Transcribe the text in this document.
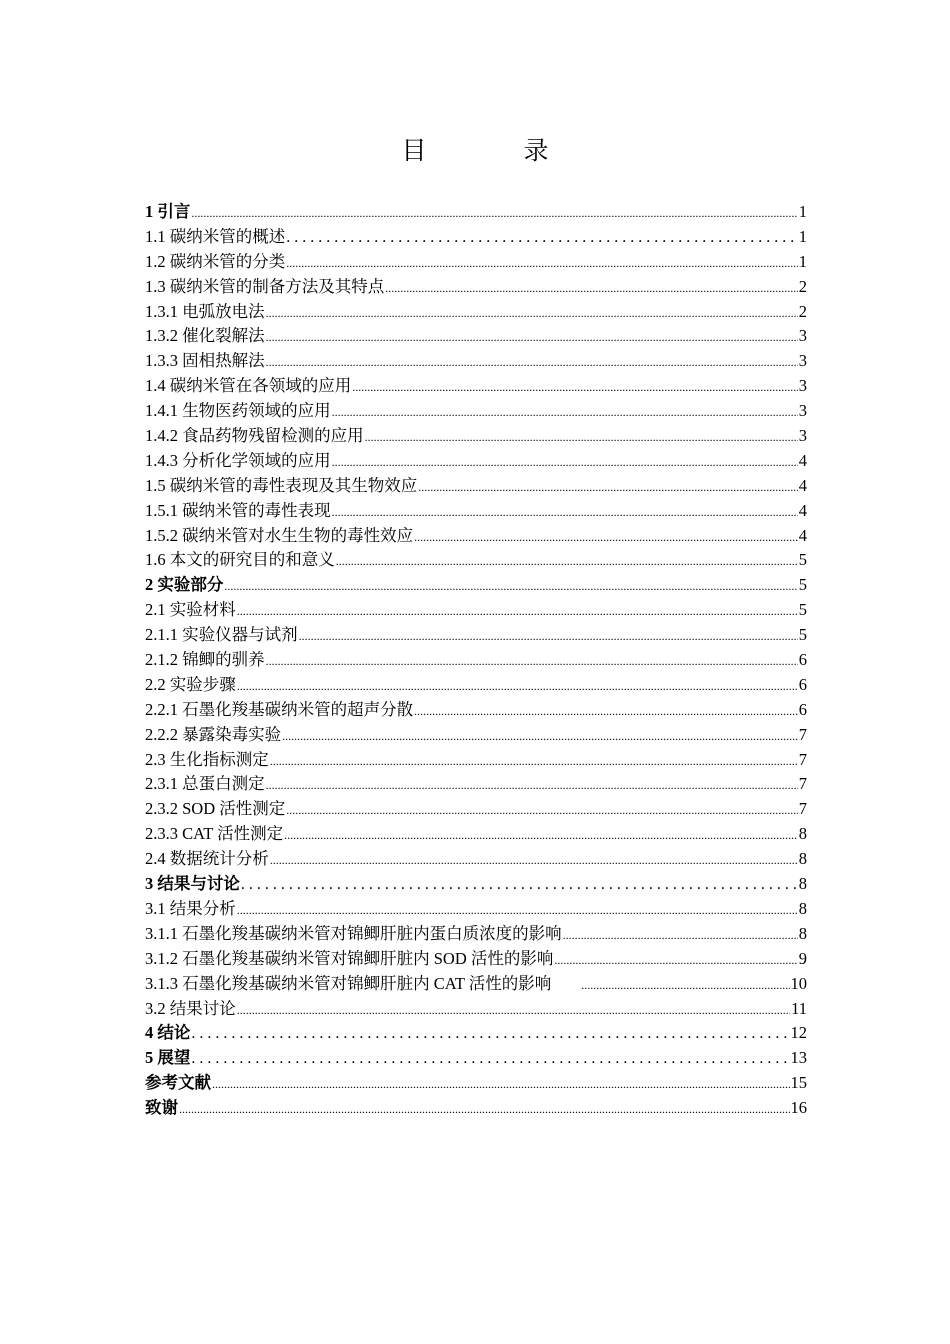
目　录
1 引言 .....	1
1.1 碳纳米管的概述 .....	1
1.2 碳纳米管的分类 .....	1
1.3 碳纳米管的制备方法及其特点 .....	2
1.3.1 电弧放电法 .....	2
1.3.2 催化裂解法 .....	3
1.3.3 固相热解法 .....	3
1.4 碳纳米管在各领域的应用 .....	3
1.4.1 生物医药领域的应用 .....	3
1.4.2 食品药物残留检测的应用 .....	3
1.4.3 分析化学领域的应用 .....	4
1.5 碳纳米管的毒性表现及其生物效应 .....	4
1.5.1 碳纳米管的毒性表现 .....	4
1.5.2 碳纳米管对水生生物的毒性效应 .....	4
1.6 本文的研究目的和意义 .....	5
2 实验部分 .....	5
2.1 实验材料 .....	5
2.1.1 实验仪器与试剂 .....	5
2.1.2 锦鲫的驯养 .....	6
2.2 实验步骤 .....	6
2.2.1 石墨化羧基碳纳米管的超声分散 .....	6
2.2.2 暴露染毒实验 .....	7
2.3 生化指标测定 .....	7
2.3.1 总蛋白测定 .....	7
2.3.2 SOD 活性测定 .....	7
2.3.3 CAT 活性测定 .....	8
2.4 数据统计分析 .....	8
3 结果与讨论 .....	8
3.1 结果分析 .....	8
3.1.1 石墨化羧基碳纳米管对锦鲫肝脏内蛋白质浓度的影响 .....	8
3.1.2 石墨化羧基碳纳米管对锦鲫肝脏内 SOD 活性的影响 .....	9
3.1.3 石墨化羧基碳纳米管对锦鲫肝脏内 CAT 活性的影响 .....	10
3.2 结果讨论 .....	11
4 结论 .....	12
5 展望 .....	13
参考文献 .....	15
致谢 .....	16
